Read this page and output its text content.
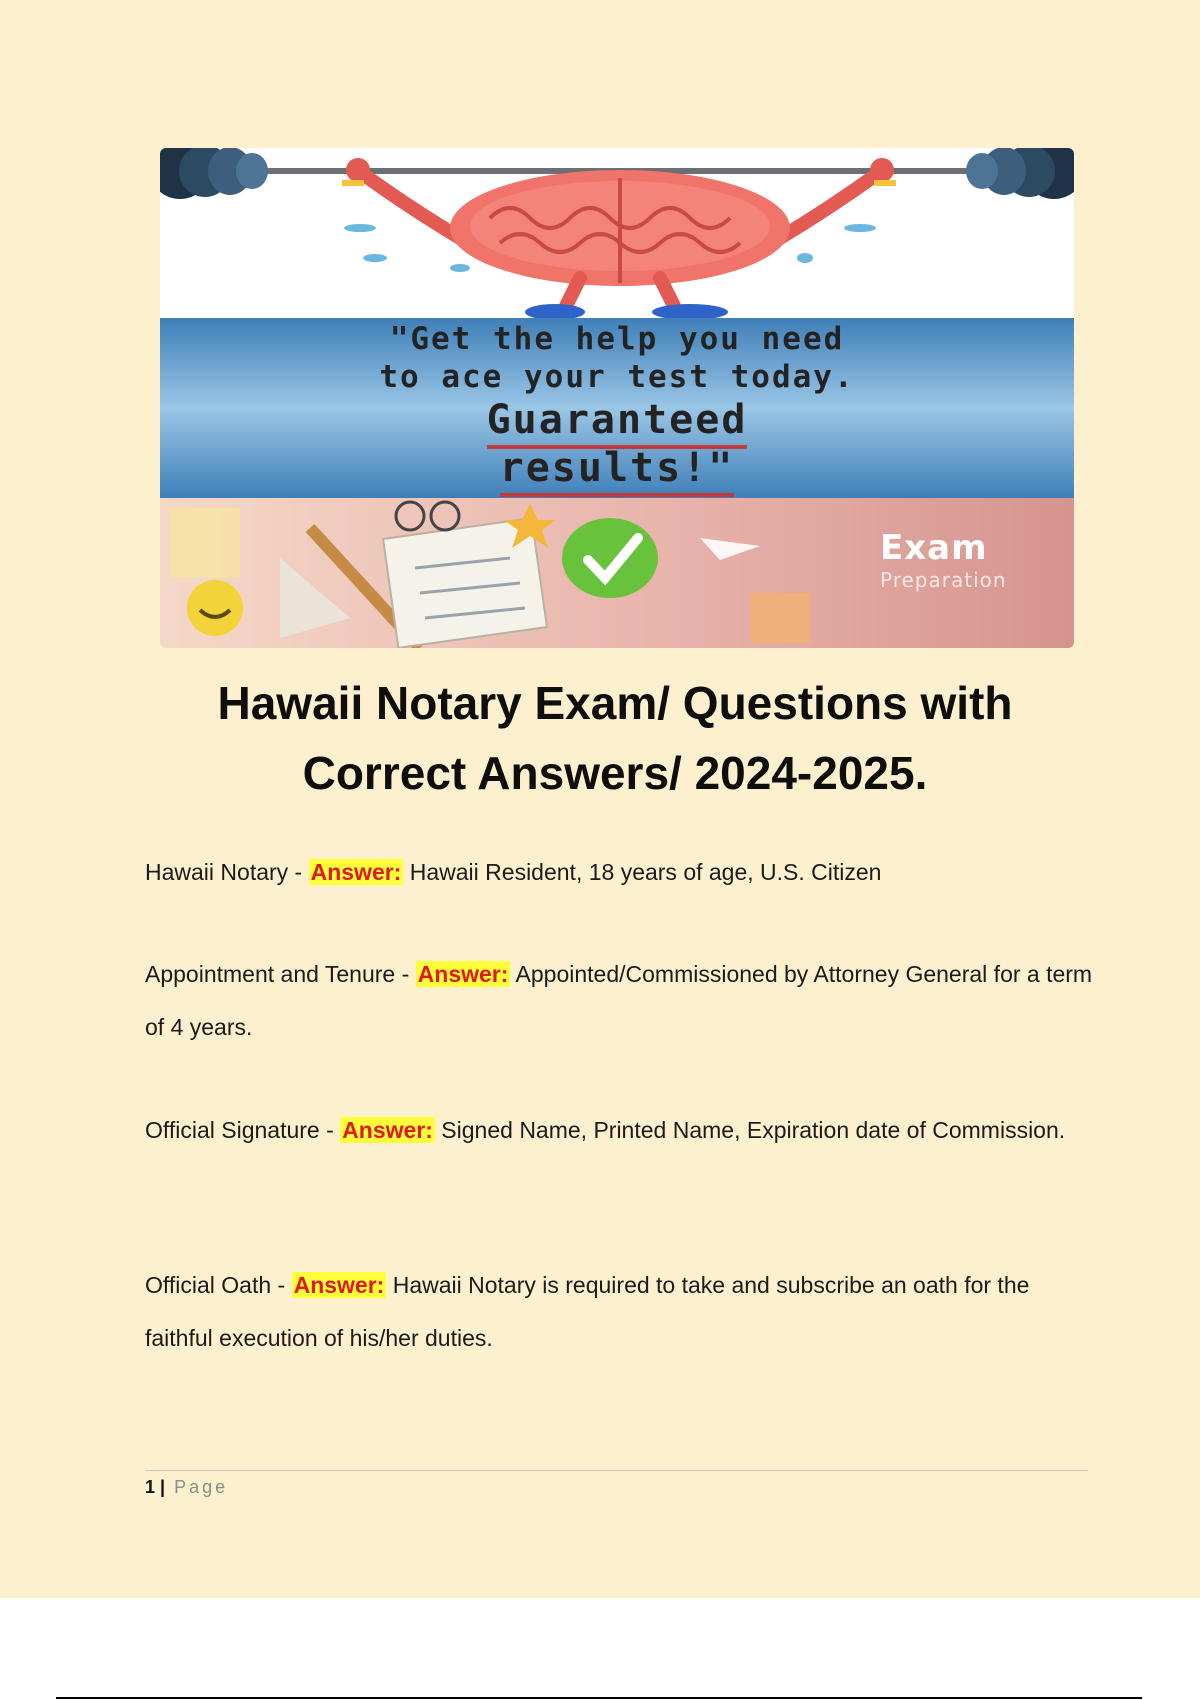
"Get the help you need
to ace your test today.
Guaranteed
results!"
Exam
Preparation
Hawaii Notary Exam/ Questions with
Correct Answers/ 2024-2025.
Hawaii Notary - Answer: Hawaii Resident, 18 years of age, U.S. Citizen
Appointment and Tenure - Answer: Appointed/Commissioned by Attorney General for a term of 4 years.
Official Signature - Answer: Signed Name, Printed Name, Expiration date of Commission.
Official Oath - Answer: Hawaii Notary is required to take and subscribe an oath for the faithful execution of his/her duties.
1 | Page
